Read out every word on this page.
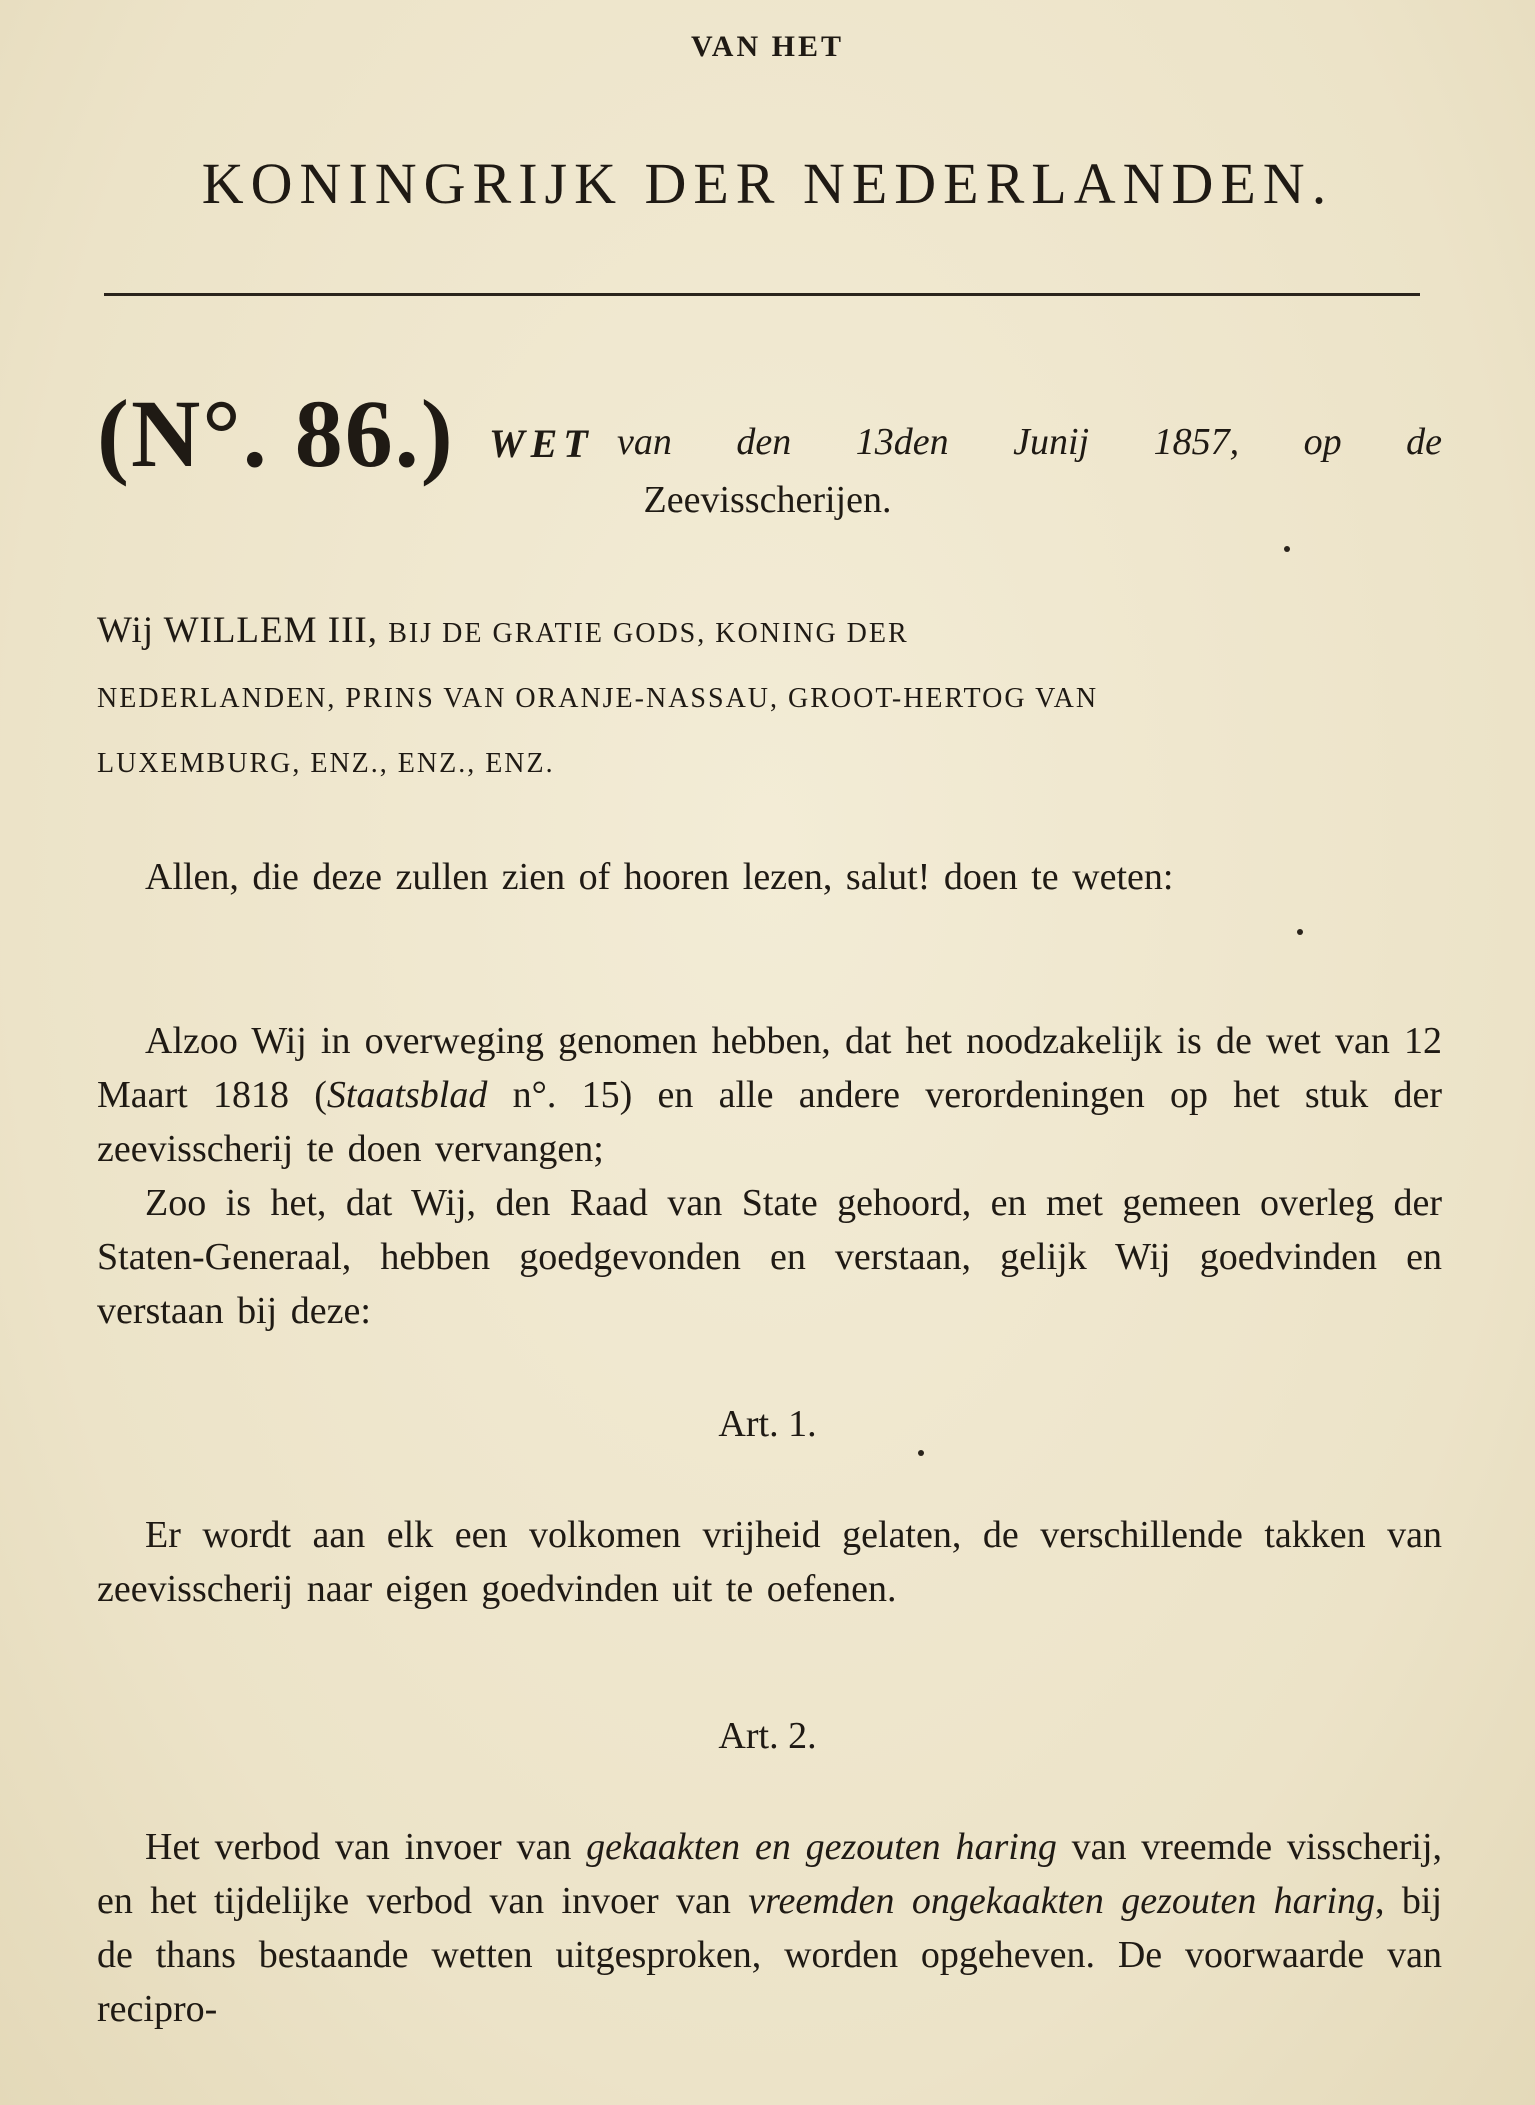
VAN HET
KONINGRIJK DER NEDERLANDEN.
(N°. 86.) WET van den 13den Junij 1857, op de
Zeevisscherijen.
Wij WILLEM III, BIJ DE GRATIE GODS, KONING DER
NEDERLANDEN, PRINS VAN ORANJE-NASSAU, GROOT-HERTOG VAN
LUXEMBURG, ENZ., ENZ., ENZ.
Allen, die deze zullen zien of hooren lezen, salut! doen te weten:
Alzoo Wij in overweging genomen hebben, dat het noodzakelijk is de wet van 12 Maart 1818 (Staatsblad n°. 15) en alle andere verordeningen op het stuk der zeevisscherij te doen vervangen;
Zoo is het, dat Wij, den Raad van State gehoord, en met gemeen overleg der Staten-Generaal, hebben goedgevonden en verstaan, gelijk Wij goedvinden en verstaan bij deze:
Art. 1.
Er wordt aan elk een volkomen vrijheid gelaten, de verschillende takken van zeevisscherij naar eigen goedvinden uit te oefenen.
Art. 2.
Het verbod van invoer van gekaakten en gezouten haring van vreemde visscherij, en het tijdelijke verbod van invoer van vreemden ongekaakten gezouten haring, bij de thans bestaande wetten uitgesproken, worden opgeheven. De voorwaarde van recipro-
